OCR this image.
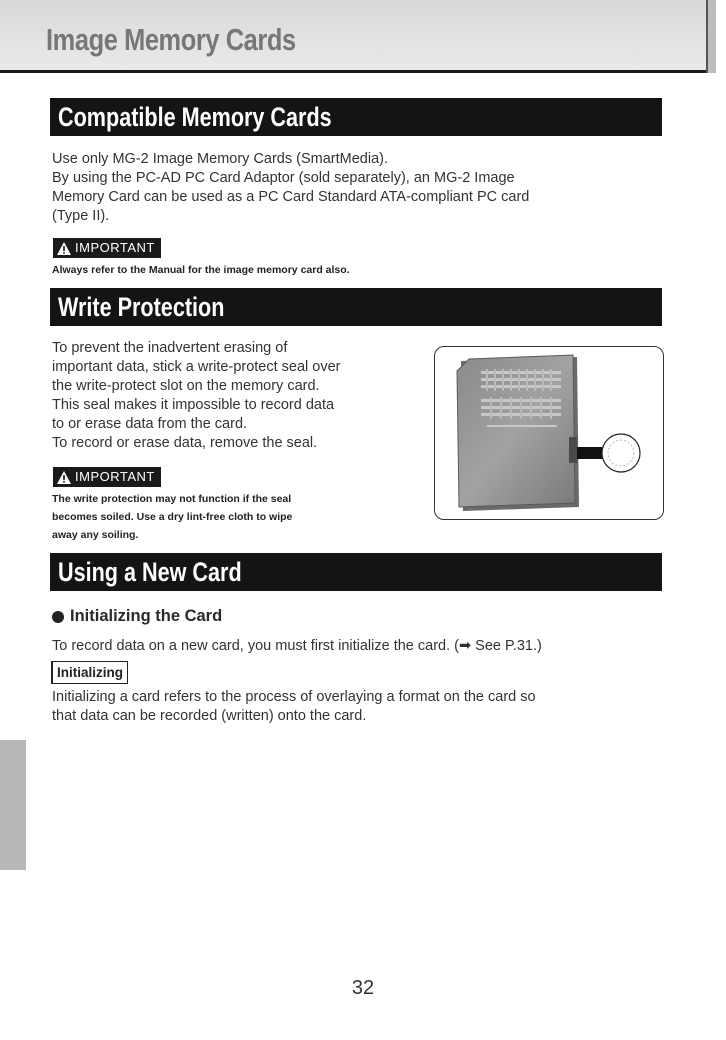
Image Memory Cards
Compatible Memory Cards

Use only MG-2 Image Memory Cards (SmartMedia).

By using the PC-AD PC Card Adaptor (sold separately), an MG-2 Image

Memory Card can be used as a PC Card Standard ATA-compliant PC card

(Type II).

IMPORTANT

Always refer to the Manual for the image memory card also.

Write Protection

To prevent the inadvertent erasing of

important data, stick a write-protect seal over

the write-protect slot on the memory card.

This seal makes it impossible to record data

to or erase data from the card.

To record or erase data, remove the seal.

IMPORTANT

The write protection may not function if the seal

becomes soiled. Use a dry lint-free cloth to wipe

away any soiling.

Using a New Card
Initializing the Card

To record data on a new card, you must first initialize the card. (➡ See P.31.)

Initializing

Initializing a card refers to the process of overlaying a format on the card so

that data can be recorded (written) onto the card.

32
